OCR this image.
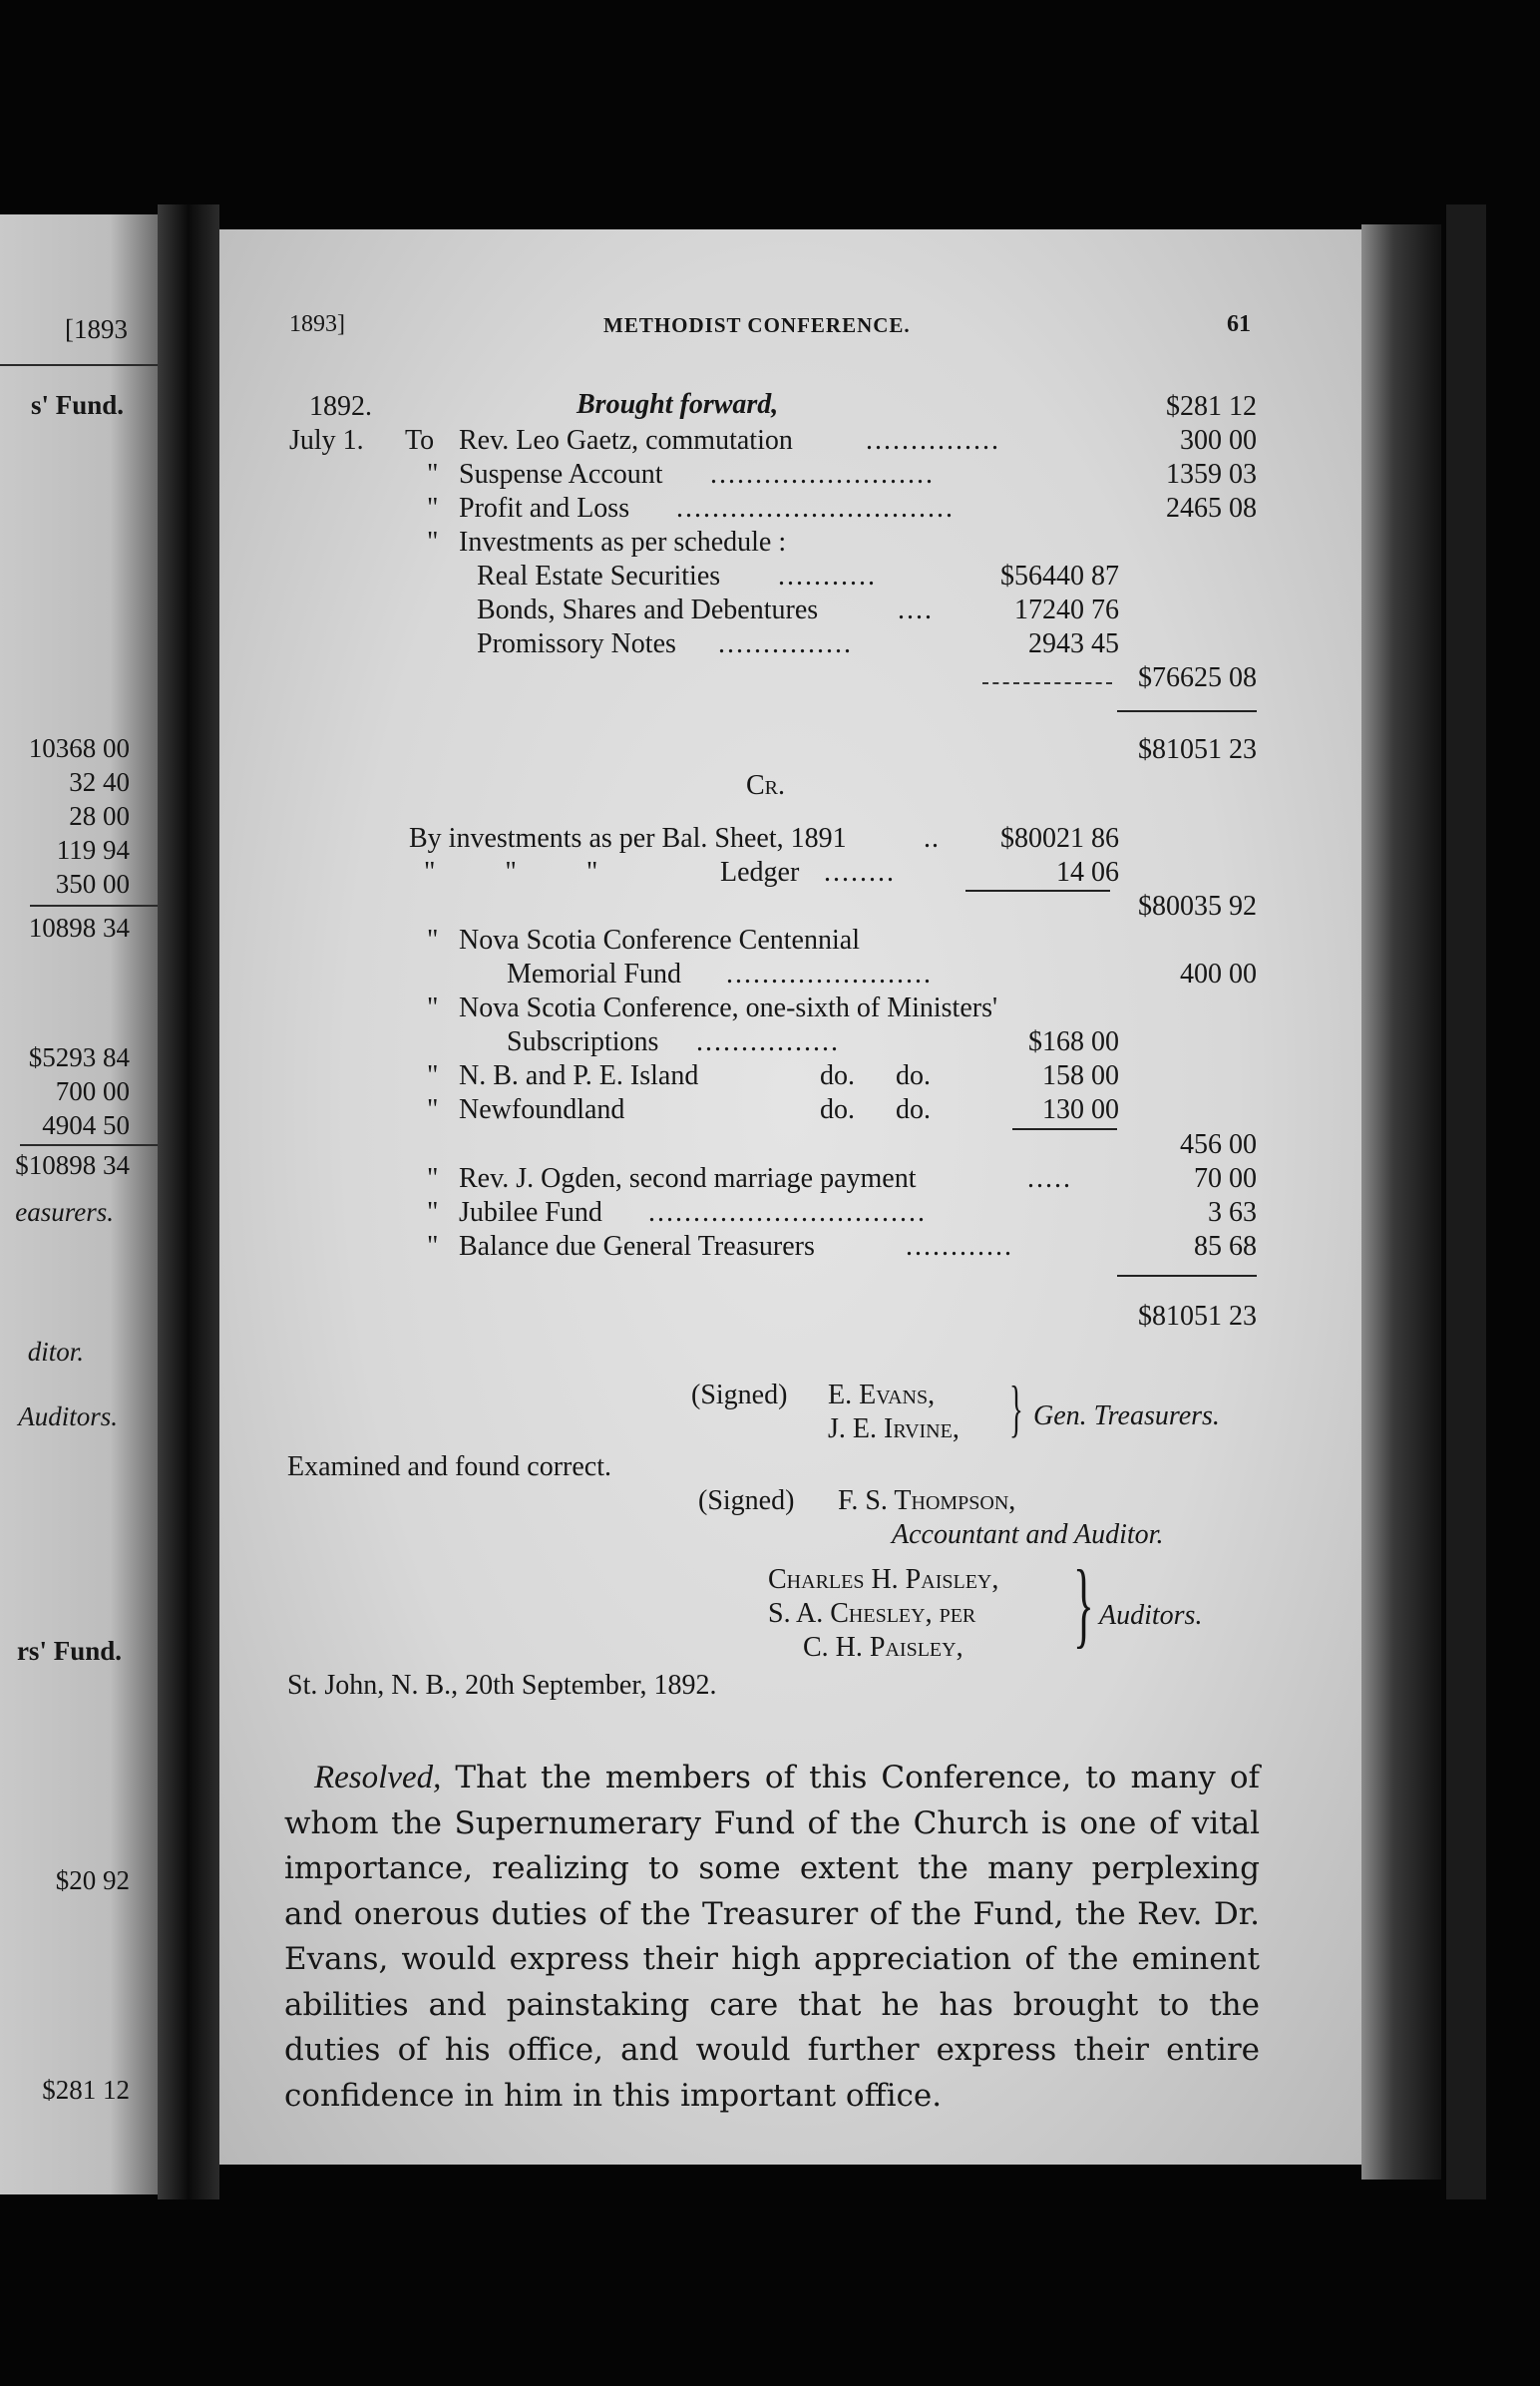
[1893
s' Fund.
10368 00
32 40
28 00
119 94
350 00
10898 34
$5293 84
700 00
4904 50
$10898 34
easurers.
ditor.
Auditors.
rs' Fund.
$20 92
$281 12
1893]	METHODIST CONFERENCE.	61
1892.	Brought forward,	$281 12
July 1. To Rev. Leo Gaetz, commutation	...............	300 00
" Suspense Account .........................	1359 03
" Profit and Loss ...............................	2465 08
" Investments as per schedule :
Real Estate Securities ...........	$56440 87
Bonds, Shares and Debentures	....	17240 76
Promissory Notes ...............	2943 45
$76625 08
$81051 23
Cr.
By investments as per Bal. Sheet, 1891	..	$80021 86
"          "          "	Ledger ........	14 06
$80035 92
" Nova Scotia Conference Centennial
Memorial Fund .......................	400 00
" Nova Scotia Conference, one-sixth of Ministers'
Subscriptions ................	$168 00
" N. B. and P. E. Island	do. do.	158 00
" Newfoundland	do. do.	130 00
456 00
" Rev. J. Ogden, second marriage payment	.....	70 00
" Jubilee Fund ...............................	3 63
" Balance due General Treasurers	............	85 68
$81051 23
(Signed) E. Evans,
J. E. Irvine, } Gen. Treasurers.
Examined and found correct.
(Signed) F. S. Thompson,
Accountant and Auditor.
Charles H. Paisley,
S. A. Chesley, per
C. H. Paisley, } Auditors.
St. John, N. B., 20th September, 1892.
Resolved, That the members of this Conference, to many of whom the Supernumerary Fund of the Church is one of vital importance, realizing to some extent the many perplexing and onerous duties of the Treasurer of the Fund, the Rev. Dr. Evans, would express their high appreciation of the eminent abilities and painstaking care that he has brought to the duties of his office, and would further express their entire confidence in him in this important office.
